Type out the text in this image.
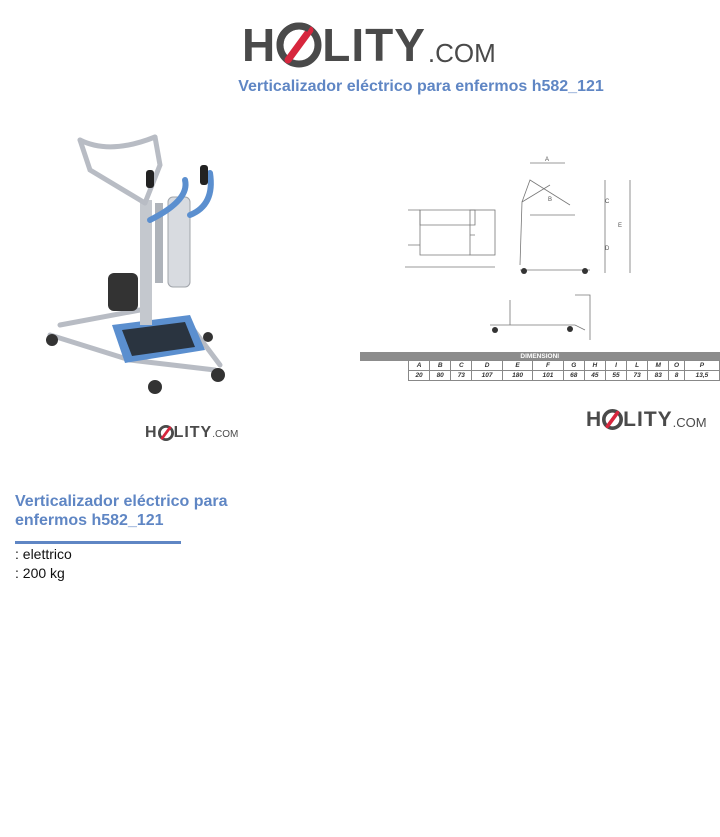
H LITY .COM
Verticalizador eléctrico para enfermos h582_121
A
B	C
D
E
DIMENSIONI													
	A	B	C	D	E	F	G	H	I	L	M	O	P
	20	80	73	107	180	101	68	45	55	73	83	8	13,5
H LITY .COM
H LITY .COM
Verticalizador eléctrico para enfermos h582_121
: elettrico
: 200 kg
